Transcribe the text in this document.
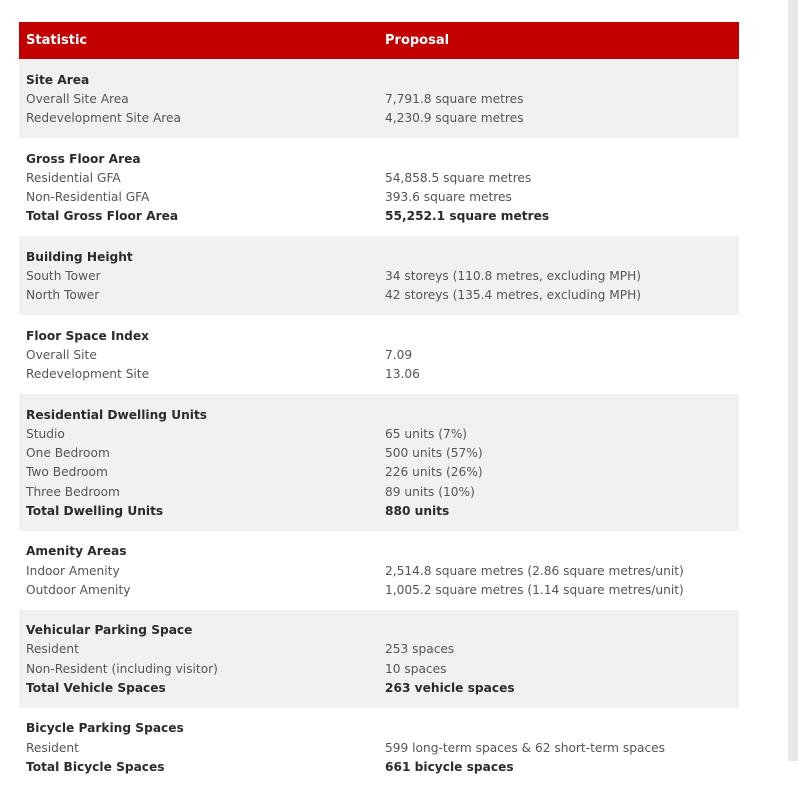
Statistic	Proposal

Site Area
Overall Site Area	7,791.8 square metres
Redevelopment Site Area	4,230.9 square metres

Gross Floor Area
Residential GFA	54,858.5 square metres
Non-Residential GFA	393.6 square metres
Total Gross Floor Area	55,252.1 square metres

Building Height
South Tower	34 storeys (110.8 metres, excluding MPH)
North Tower	42 storeys (135.4 metres, excluding MPH)

Floor Space Index
Overall Site	7.09
Redevelopment Site	13.06

Residential Dwelling Units
Studio	65 units (7%)
One Bedroom	500 units (57%)
Two Bedroom	226 units (26%)
Three Bedroom	89 units (10%)
Total Dwelling Units	880 units

Amenity Areas
Indoor Amenity	2,514.8 square metres (2.86 square metres/unit)
Outdoor Amenity	1,005.2 square metres (1.14 square metres/unit)

Vehicular Parking Space
Resident	253 spaces
Non-Resident (including visitor)	10 spaces
Total Vehicle Spaces	263 vehicle spaces

Bicycle Parking Spaces
Resident	599 long-term spaces & 62 short-term spaces
Total Bicycle Spaces	661 bicycle spaces
